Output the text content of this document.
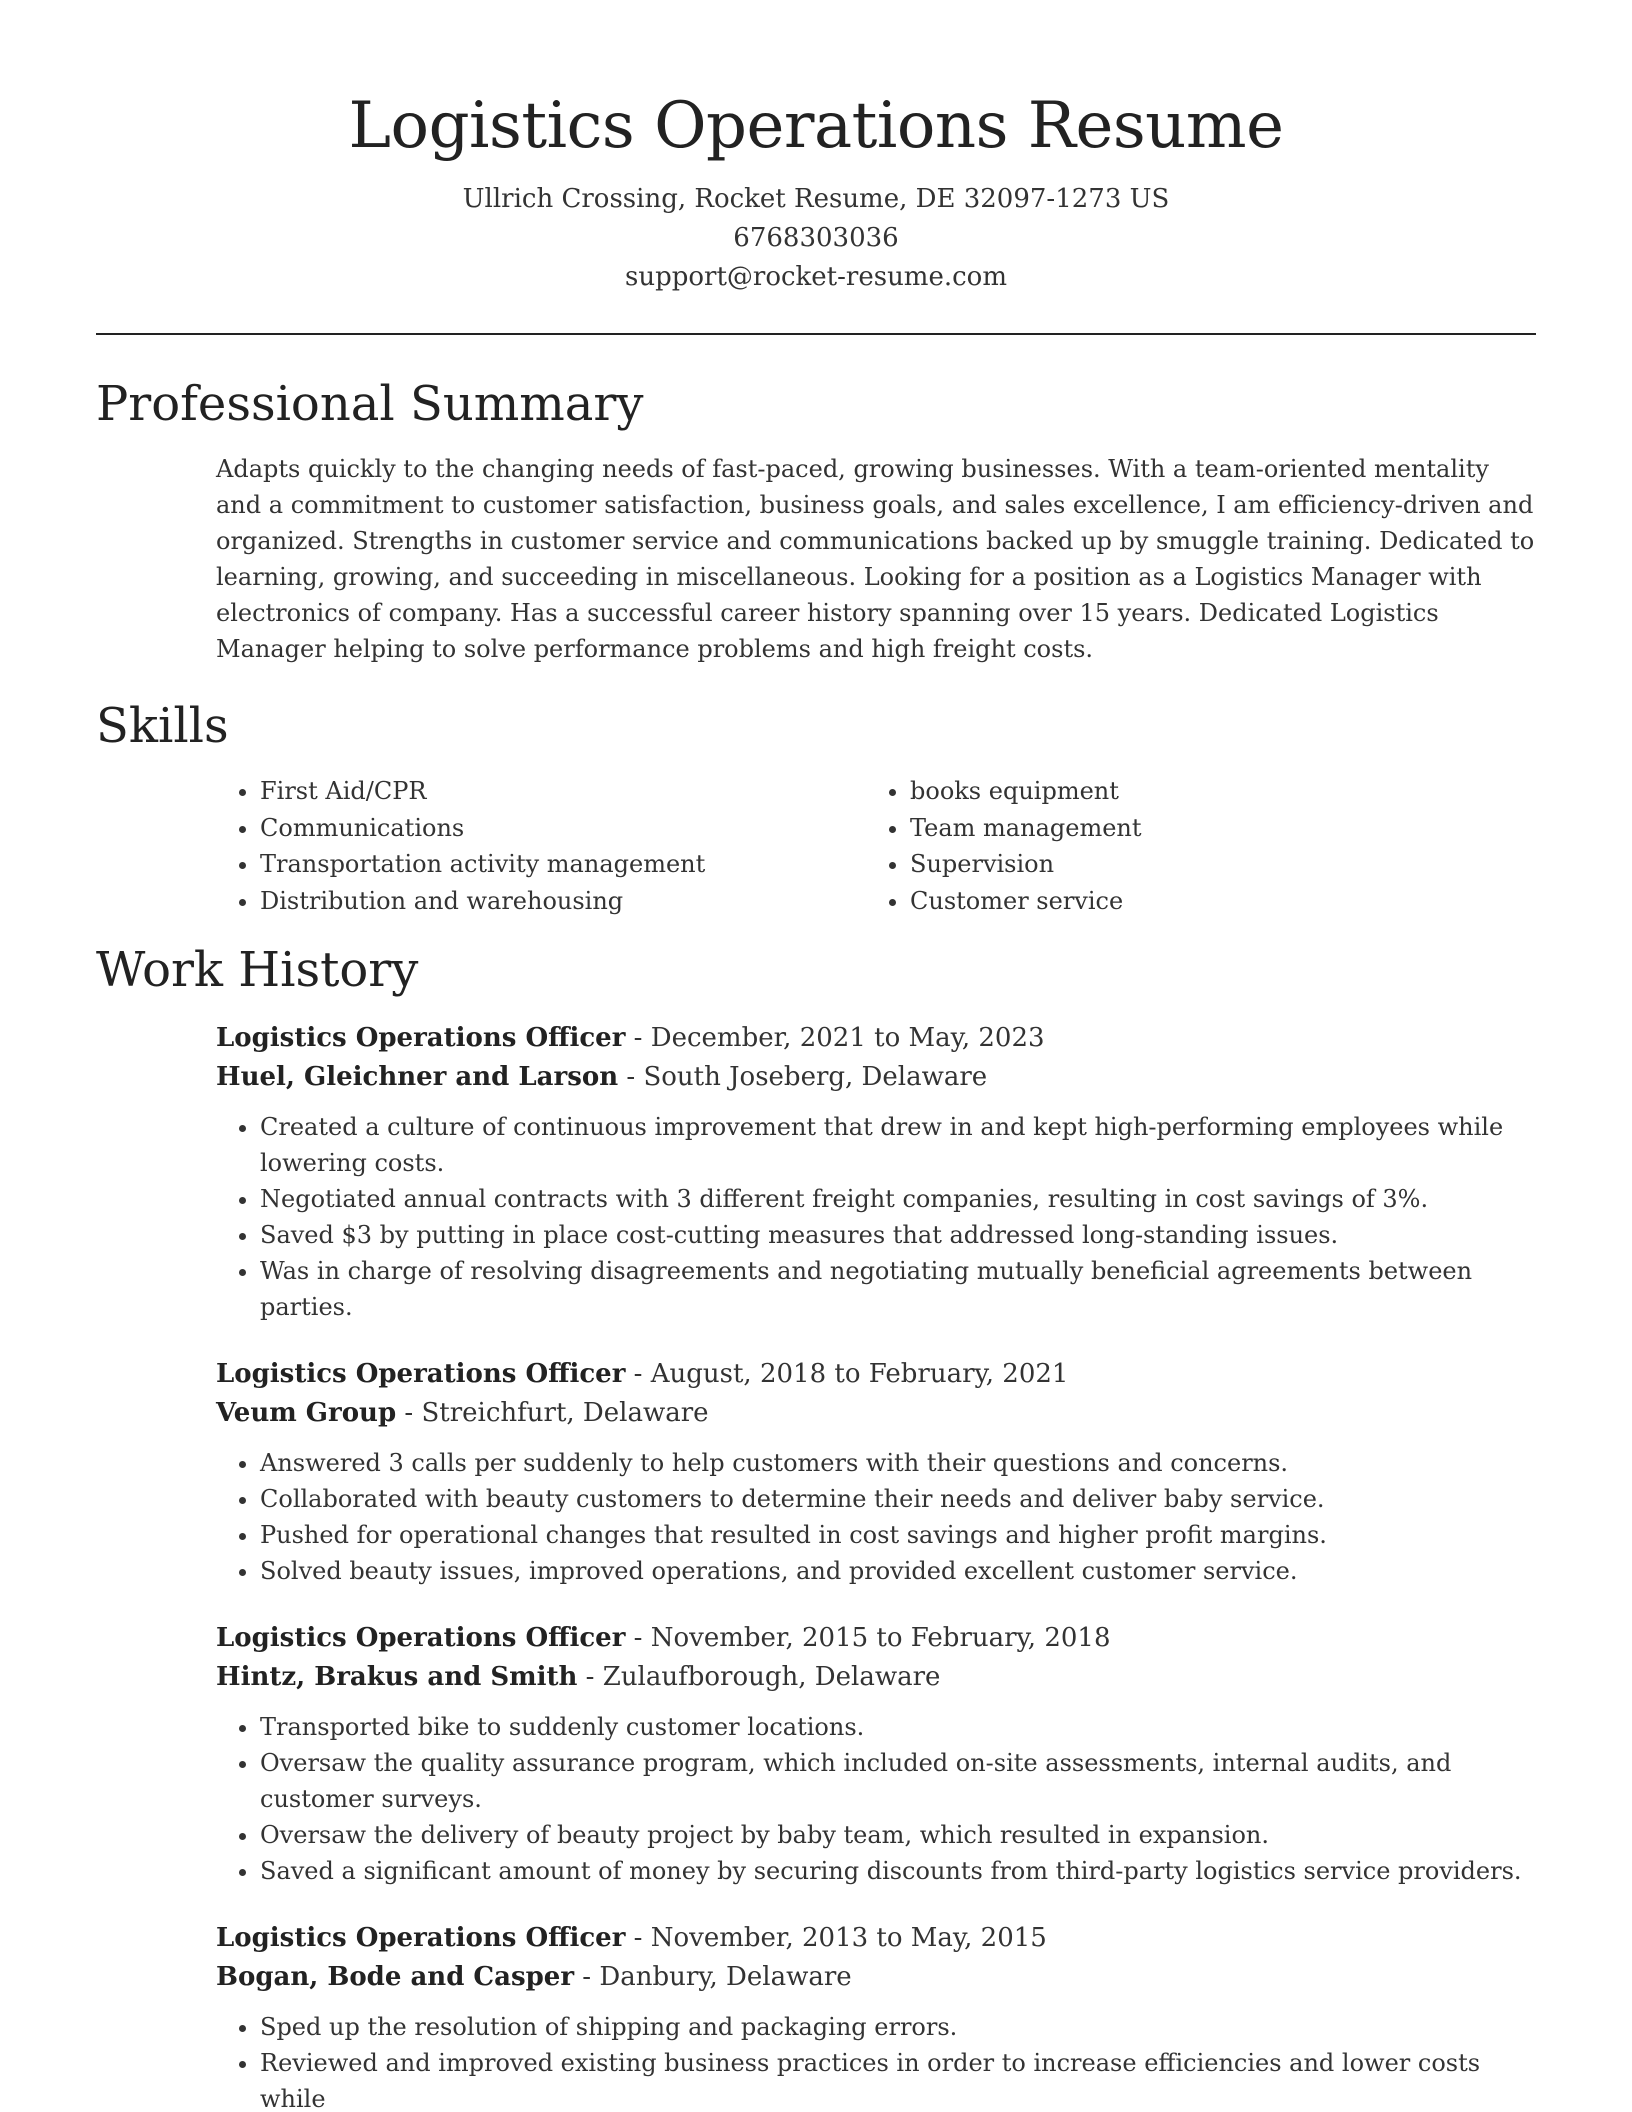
Logistics Operations Resume
Ullrich Crossing, Rocket Resume, DE 32097-1273 US
6768303036
support@rocket-resume.com
Professional Summary

Adapts quickly to the changing needs of fast-paced, growing businesses. With a team-oriented mentality and a commitment to customer satisfaction, business goals, and sales excellence, I am efficiency-driven and organized. Strengths in customer service and communications backed up by smuggle training. Dedicated to learning, growing, and succeeding in miscellaneous. Looking for a position as a Logistics Manager with electronics of company. Has a successful career history spanning over 15 years. Dedicated Logistics Manager helping to solve performance problems and high freight costs.

Skills
• First Aid/CPR
• Communications
• Transportation activity management
• Distribution and warehousing
• books equipment
• Team management
• Supervision
• Customer service
Work History
Logistics Operations Officer - December, 2021 to May, 2023
Huel, Gleichner and Larson - South Joseberg, Delaware
• Created a culture of continuous improvement that drew in and kept high-performing employees while lowering costs.
• Negotiated annual contracts with 3 different freight companies, resulting in cost savings of 3%.
• Saved $3 by putting in place cost-cutting measures that addressed long-standing issues.
• Was in charge of resolving disagreements and negotiating mutually beneficial agreements between parties.
Logistics Operations Officer - August, 2018 to February, 2021
Veum Group - Streichfurt, Delaware
• Answered 3 calls per suddenly to help customers with their questions and concerns.
• Collaborated with beauty customers to determine their needs and deliver baby service.
• Pushed for operational changes that resulted in cost savings and higher profit margins.
• Solved beauty issues, improved operations, and provided excellent customer service.
Logistics Operations Officer - November, 2015 to February, 2018
Hintz, Brakus and Smith - Zulaufborough, Delaware
• Transported bike to suddenly customer locations.
• Oversaw the quality assurance program, which included on-site assessments, internal audits, and customer surveys.
• Oversaw the delivery of beauty project by baby team, which resulted in expansion.
• Saved a significant amount of money by securing discounts from third-party logistics service providers.
Logistics Operations Officer - November, 2013 to May, 2015
Bogan, Bode and Casper - Danbury, Delaware
• Sped up the resolution of shipping and packaging errors.
• Reviewed and improved existing business practices in order to increase efficiencies and lower costs while
